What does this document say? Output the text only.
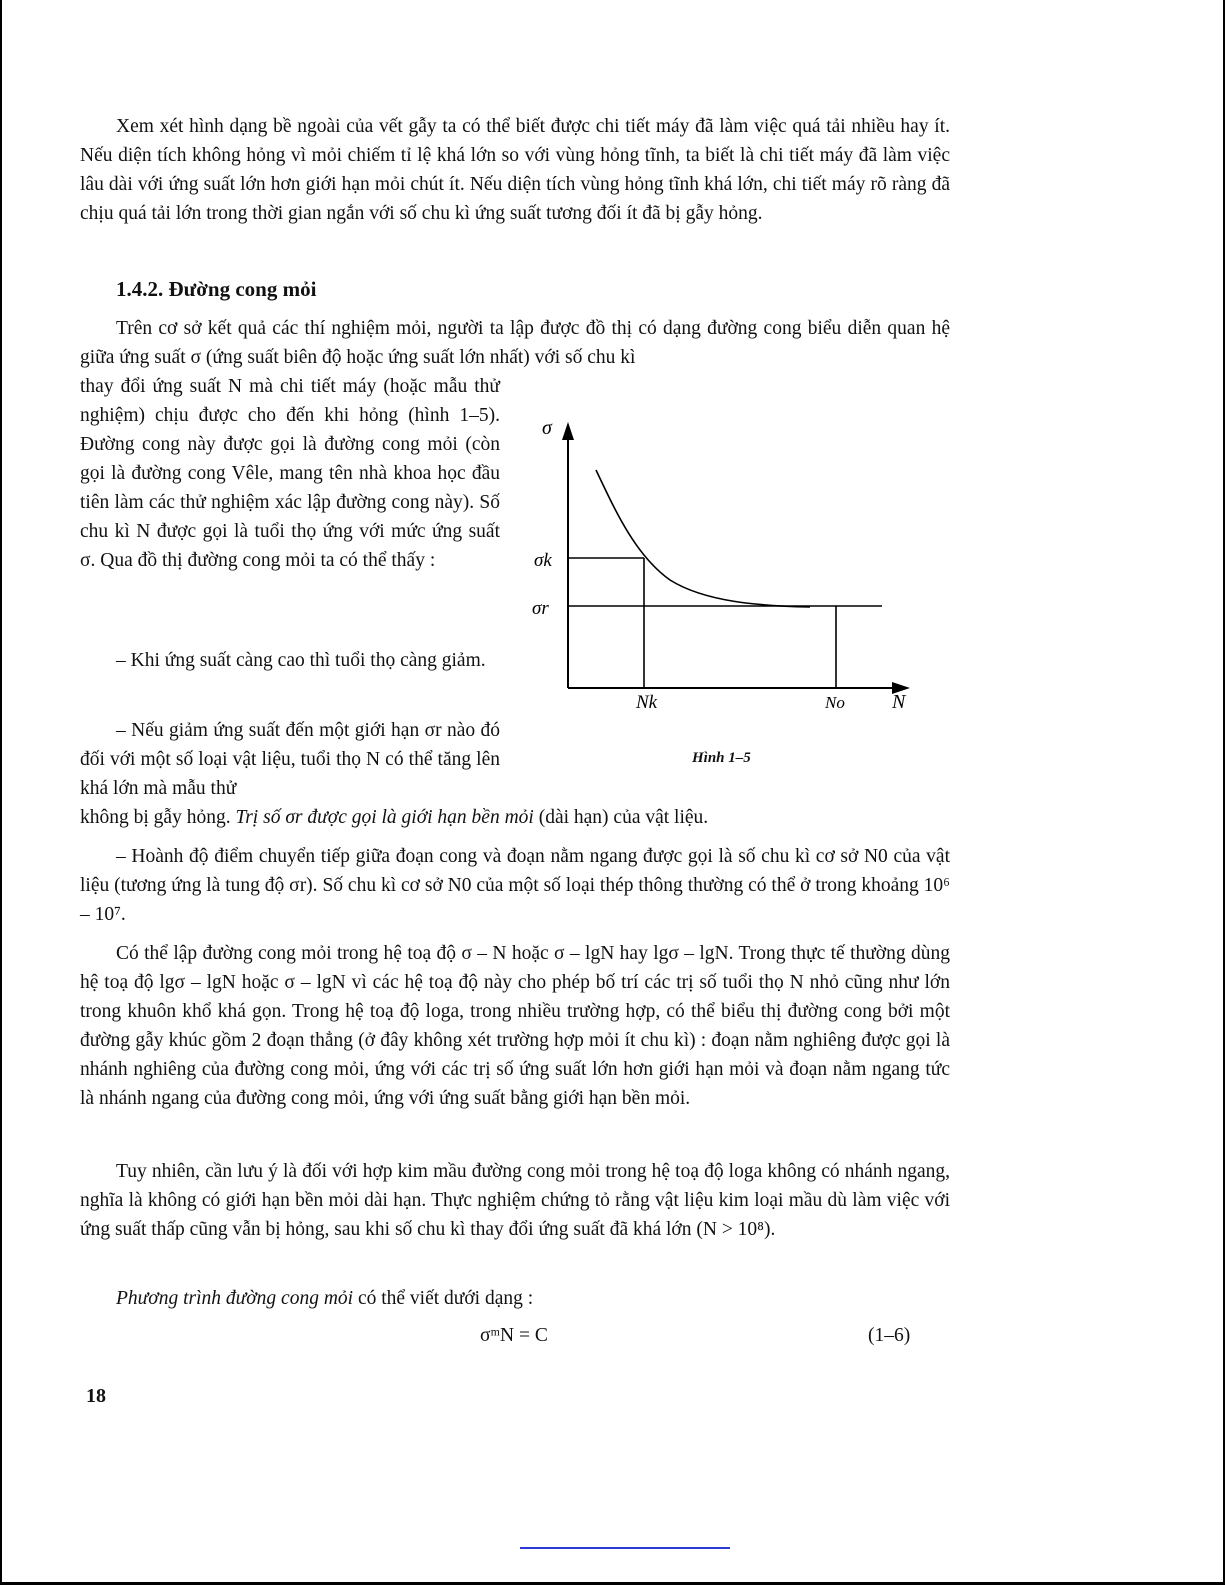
Xem xét hình dạng bề ngoài của vết gẫy ta có thể biết được chi tiết máy đã làm việc quá tải nhiều hay ít. Nếu diện tích không hỏng vì mỏi chiếm tỉ lệ khá lớn so với vùng hỏng tĩnh, ta biết là chi tiết máy đã làm việc lâu dài với ứng suất lớn hơn giới hạn mỏi chút ít. Nếu diện tích vùng hỏng tĩnh khá lớn, chi tiết máy rõ ràng đã chịu quá tải lớn trong thời gian ngắn với số chu kì ứng suất tương đối ít đã bị gẫy hỏng.

1.4.2. Đường cong mỏi

Trên cơ sở kết quả các thí nghiệm mỏi, người ta lập được đồ thị có dạng đường cong biểu diễn quan hệ giữa ứng suất σ (ứng suất biên độ hoặc ứng suất lớn nhất) với số chu kì

thay đổi ứng suất N mà chi tiết máy (hoặc mẫu thử nghiệm) chịu được cho đến khi hỏng (hình 1–5). Đường cong này được gọi là đường cong mỏi (còn gọi là đường cong Vêle, mang tên nhà khoa học đầu tiên làm các thử nghiệm xác lập đường cong này). Số chu kì N được gọi là tuổi thọ ứng với mức ứng suất σ. Qua đồ thị đường cong mỏi ta có thể thấy :

– Khi ứng suất càng cao thì tuổi thọ càng giảm.

– Nếu giảm ứng suất đến một giới hạn σr nào đó đối với một số loại vật liệu, tuổi thọ N có thể tăng lên khá lớn mà mẫu thử

không bị gẫy hỏng. Trị số σr được gọi là giới hạn bền mỏi (dài hạn) của vật liệu.

– Hoành độ điểm chuyển tiếp giữa đoạn cong và đoạn nằm ngang được gọi là số chu kì cơ sở N0 của vật liệu (tương ứng là tung độ σr). Số chu kì cơ sở N0 của một số loại thép thông thường có thể ở trong khoảng 10⁶ – 10⁷.

Có thể lập đường cong mỏi trong hệ toạ độ σ – N hoặc σ – lgN hay lgσ – lgN. Trong thực tế thường dùng hệ toạ độ lgσ – lgN hoặc σ – lgN vì các hệ toạ độ này cho phép bố trí các trị số tuổi thọ N nhỏ cũng như lớn trong khuôn khổ khá gọn. Trong hệ toạ độ loga, trong nhiều trường hợp, có thể biểu thị đường cong bởi một đường gẫy khúc gồm 2 đoạn thẳng (ở đây không xét trường hợp mỏi ít chu kì) : đoạn nằm nghiêng được gọi là nhánh nghiêng của đường cong mỏi, ứng với các trị số ứng suất lớn hơn giới hạn mỏi và đoạn nằm ngang tức là nhánh ngang của đường cong mỏi, ứng với ứng suất bằng giới hạn bền mỏi.

Tuy nhiên, cần lưu ý là đối với hợp kim mầu đường cong mỏi trong hệ toạ độ loga không có nhánh ngang, nghĩa là không có giới hạn bền mỏi dài hạn. Thực nghiệm chứng tỏ rằng vật liệu kim loại mầu dù làm việc với ứng suất thấp cũng vẫn bị hỏng, sau khi số chu kì thay đổi ứng suất đã khá lớn (N > 10⁸).

Phương trình đường cong mỏi có thể viết dưới dạng :

σᵐN = C	(1–6)
σ
σk
σr
Nk	No N
Hình 1–5
18
